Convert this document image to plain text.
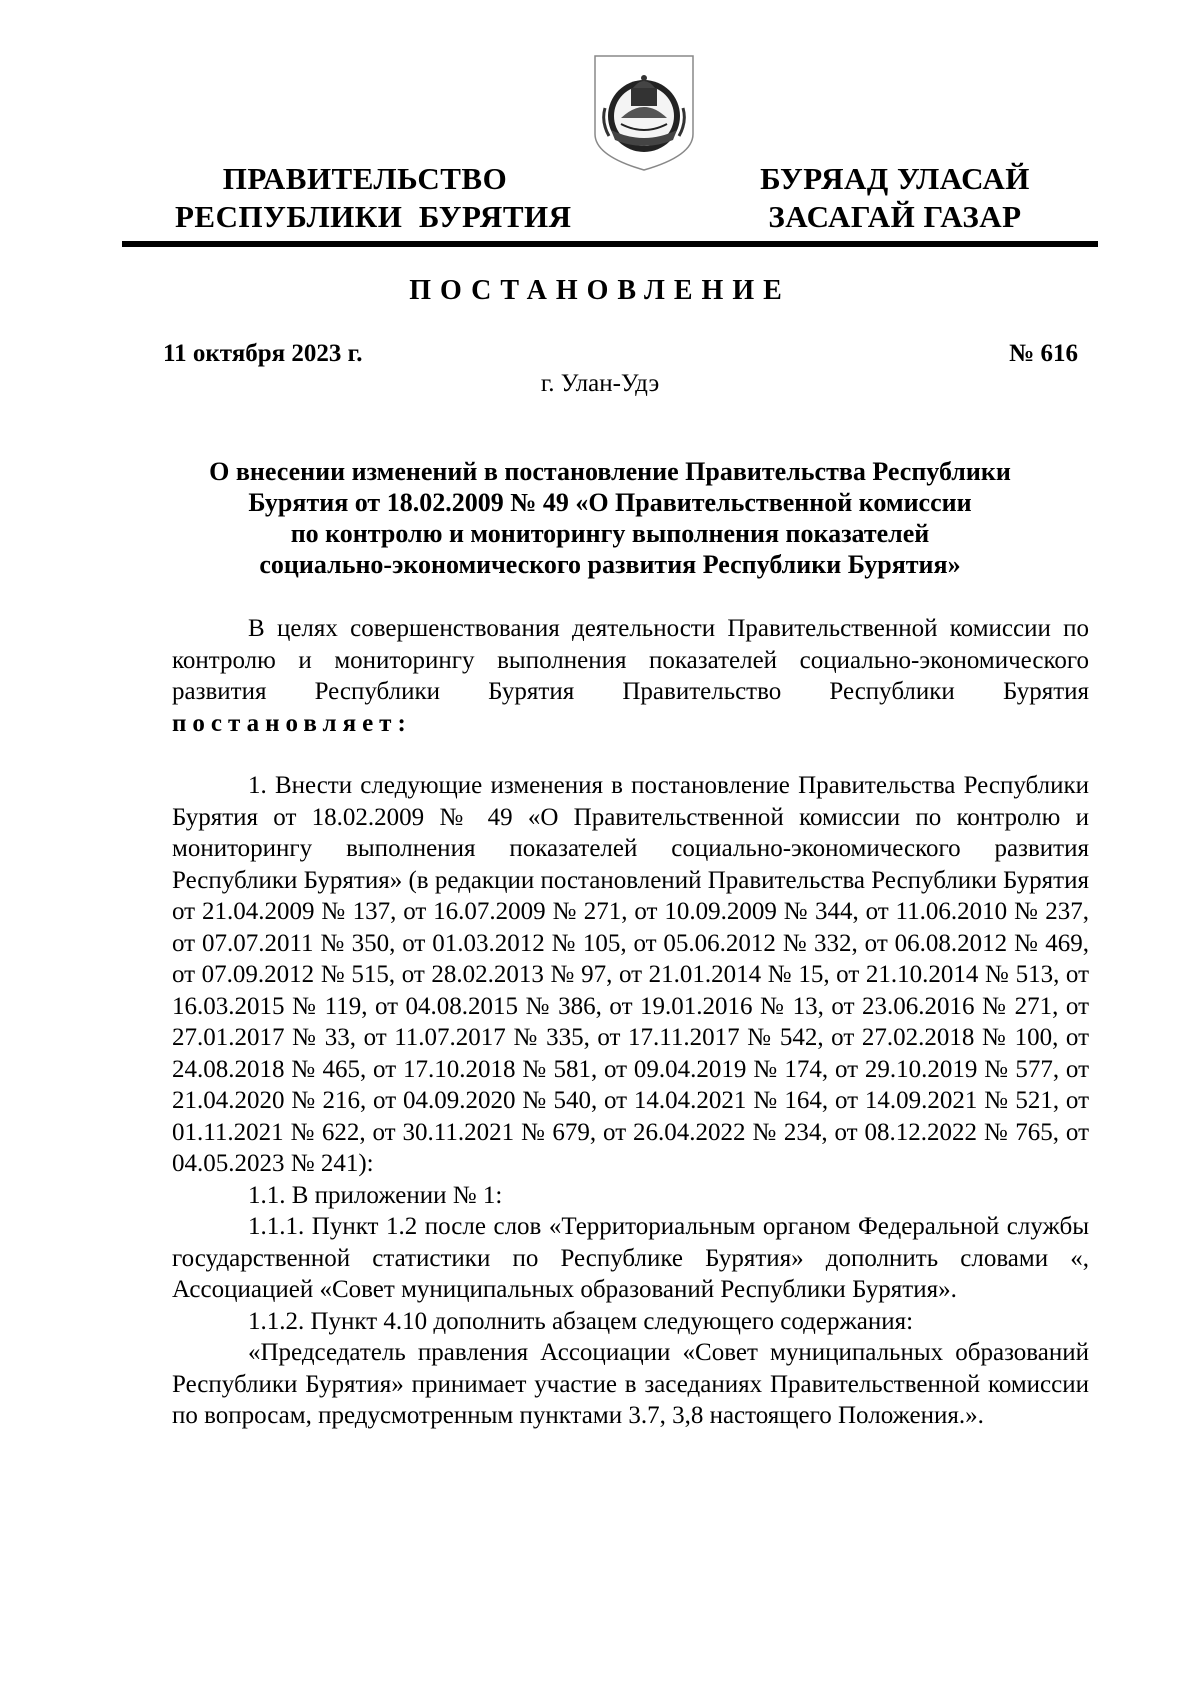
ПРАВИТЕЛЬСТВО
РЕСПУБЛИКИ  БУРЯТИЯ
БУРЯАД УЛАСАЙ
ЗАСАГАЙ ГАЗАР
ПОСТАНОВЛЕНИЕ
11 октября 2023 г.	№ 616
г. Улан-Удэ
О внесении изменений в постановление Правительства Республики
Бурятия от 18.02.2009 № 49 «О Правительственной комиссии
по контролю и мониторингу выполнения показателей
социально-экономического развития Республики Бурятия»

В целях совершенствования деятельности Правительственной комиссии по контролю и мониторингу выполнения показателей социально-экономического развития Республики Бурятия Правительство Республики Бурятия постановляет:

1. Внести следующие изменения в постановление Правительства Республики Бурятия от 18.02.2009 № 49 «О Правительственной комиссии по контролю и мониторингу выполнения показателей социально-экономического развития Республики Бурятия» (в редакции постановлений Правительства Республики Бурятия от 21.04.2009 № 137, от 16.07.2009 № 271, от 10.09.2009 № 344, от 11.06.2010 № 237, от 07.07.2011 № 350, от 01.03.2012 № 105, от 05.06.2012 № 332, от 06.08.2012 № 469, от 07.09.2012 № 515, от 28.02.2013 № 97, от 21.01.2014 № 15, от 21.10.2014 № 513, от 16.03.2015 № 119, от 04.08.2015 № 386, от 19.01.2016 № 13, от 23.06.2016 № 271, от 27.01.2017 № 33, от 11.07.2017 № 335, от 17.11.2017 № 542, от 27.02.2018 № 100, от 24.08.2018 № 465, от 17.10.2018 № 581, от 09.04.2019 № 174, от 29.10.2019 № 577, от 21.04.2020 № 216, от 04.09.2020 № 540, от 14.04.2021 № 164, от 14.09.2021 № 521, от 01.11.2021 № 622, от 30.11.2021 № 679, от 26.04.2022 № 234, от 08.12.2022 № 765, от 04.05.2023 № 241):

1.1. В приложении № 1:

1.1.1. Пункт 1.2 после слов «Территориальным органом Федеральной службы государственной статистики по Республике Бурятия» дополнить словами «, Ассоциацией «Совет муниципальных образований Республики Бурятия».

1.1.2. Пункт 4.10 дополнить абзацем следующего содержания:

«Председатель правления Ассоциации «Совет муниципальных образований Республики Бурятия» принимает участие в заседаниях Правительственной комиссии по вопросам, предусмотренным пунктами 3.7, 3,8 настоящего Положения.».
